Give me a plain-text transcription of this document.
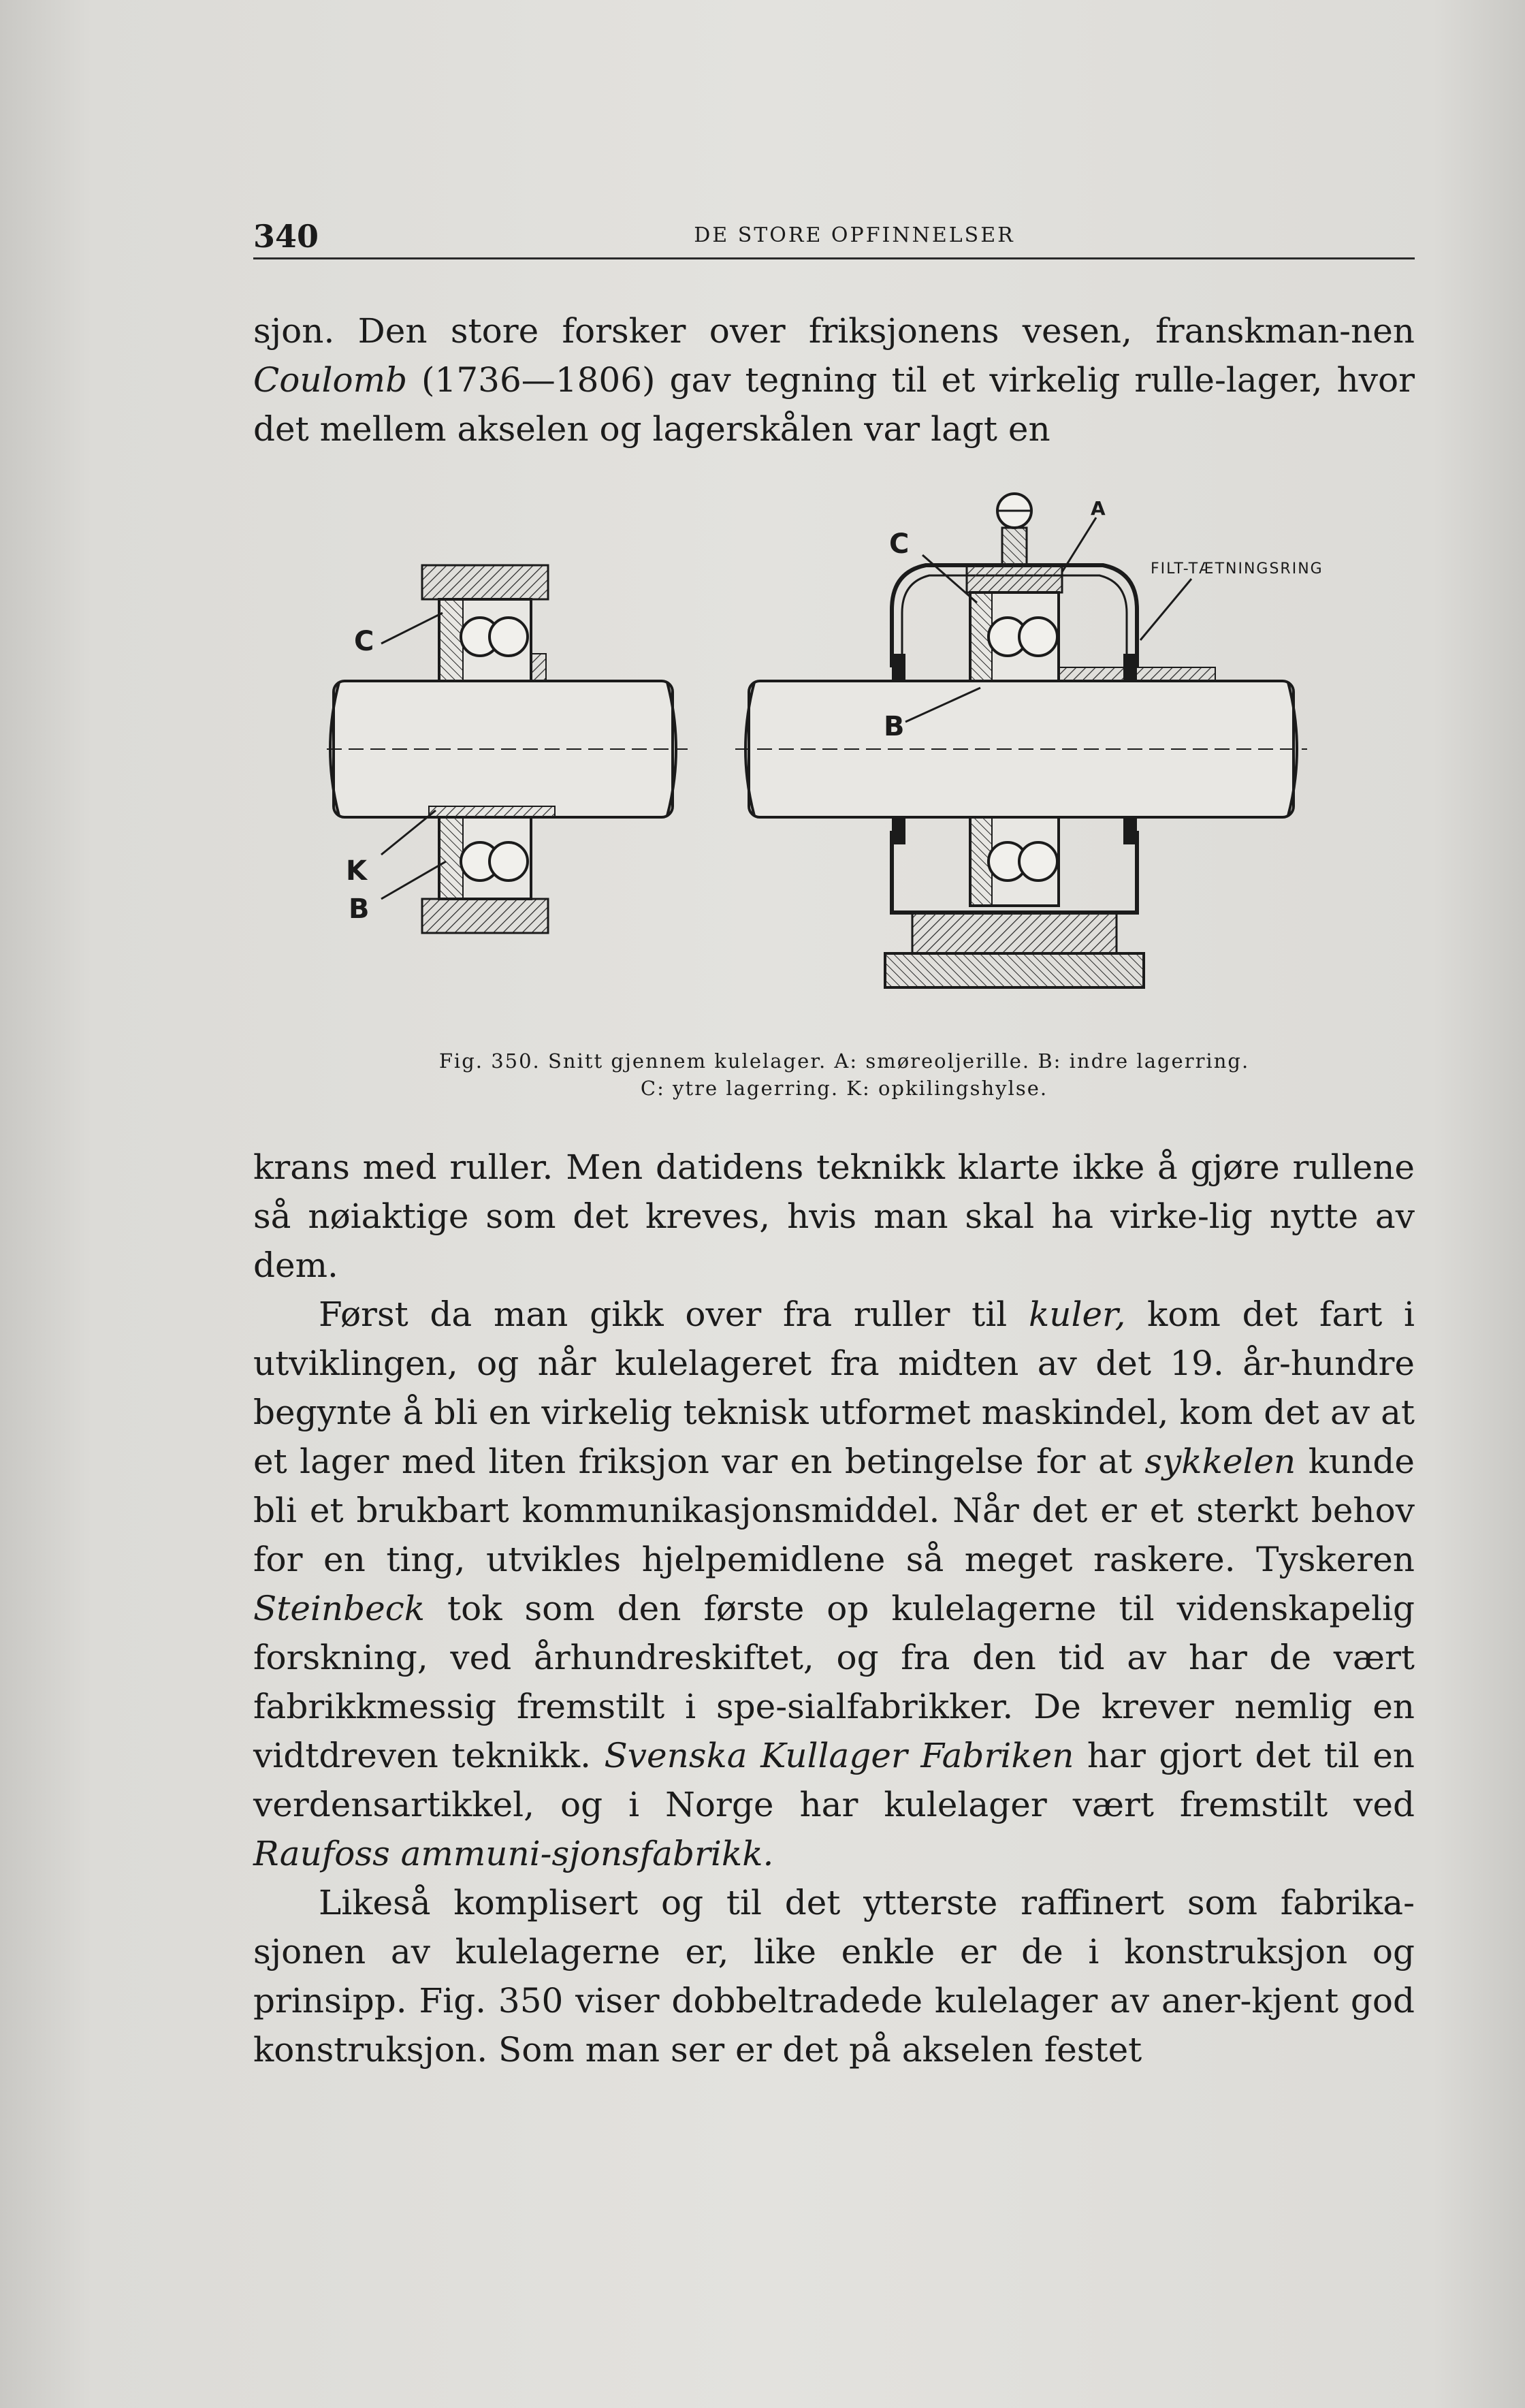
340	DE STORE OPFINNELSER

sjon. Den store forsker over friksjonens vesen, franskman-nen Coulomb (1736—1806) gav tegning til et virkelig rulle-lager, hvor det mellem akselen og lagerskålen var lagt en

C
K
B
C
A
FILT-TÆTNINGSRING
B
Fig. 350. Snitt gjennem kulelager. A: smøreoljerille. B: indre lagerring.
C: ytre lagerring. K: opkilingshylse.

krans med ruller. Men datidens teknikk klarte ikke å gjøre rullene så nøiaktige som det kreves, hvis man skal ha virke-lig nytte av dem.

Først da man gikk over fra ruller til kuler, kom det fart i utviklingen, og når kulelageret fra midten av det 19. år-hundre begynte å bli en virkelig teknisk utformet maskindel, kom det av at et lager med liten friksjon var en betingelse for at sykkelen kunde bli et brukbart kommunikasjonsmiddel. Når det er et sterkt behov for en ting, utvikles hjelpemidlene så meget raskere. Tyskeren Steinbeck tok som den første op kulelagerne til videnskapelig forskning, ved århundreskiftet, og fra den tid av har de vært fabrikkmessig fremstilt i spe-sialfabrikker. De krever nemlig en vidtdreven teknikk. Svenska Kullager Fabriken har gjort det til en verdensartikkel, og i Norge har kulelager vært fremstilt ved Raufoss ammuni-sjonsfabrikk.

Likeså komplisert og til det ytterste raffinert som fabrika-sjonen av kulelagerne er, like enkle er de i konstruksjon og prinsipp. Fig. 350 viser dobbeltradede kulelager av aner-kjent god konstruksjon. Som man ser er det på akselen festet
